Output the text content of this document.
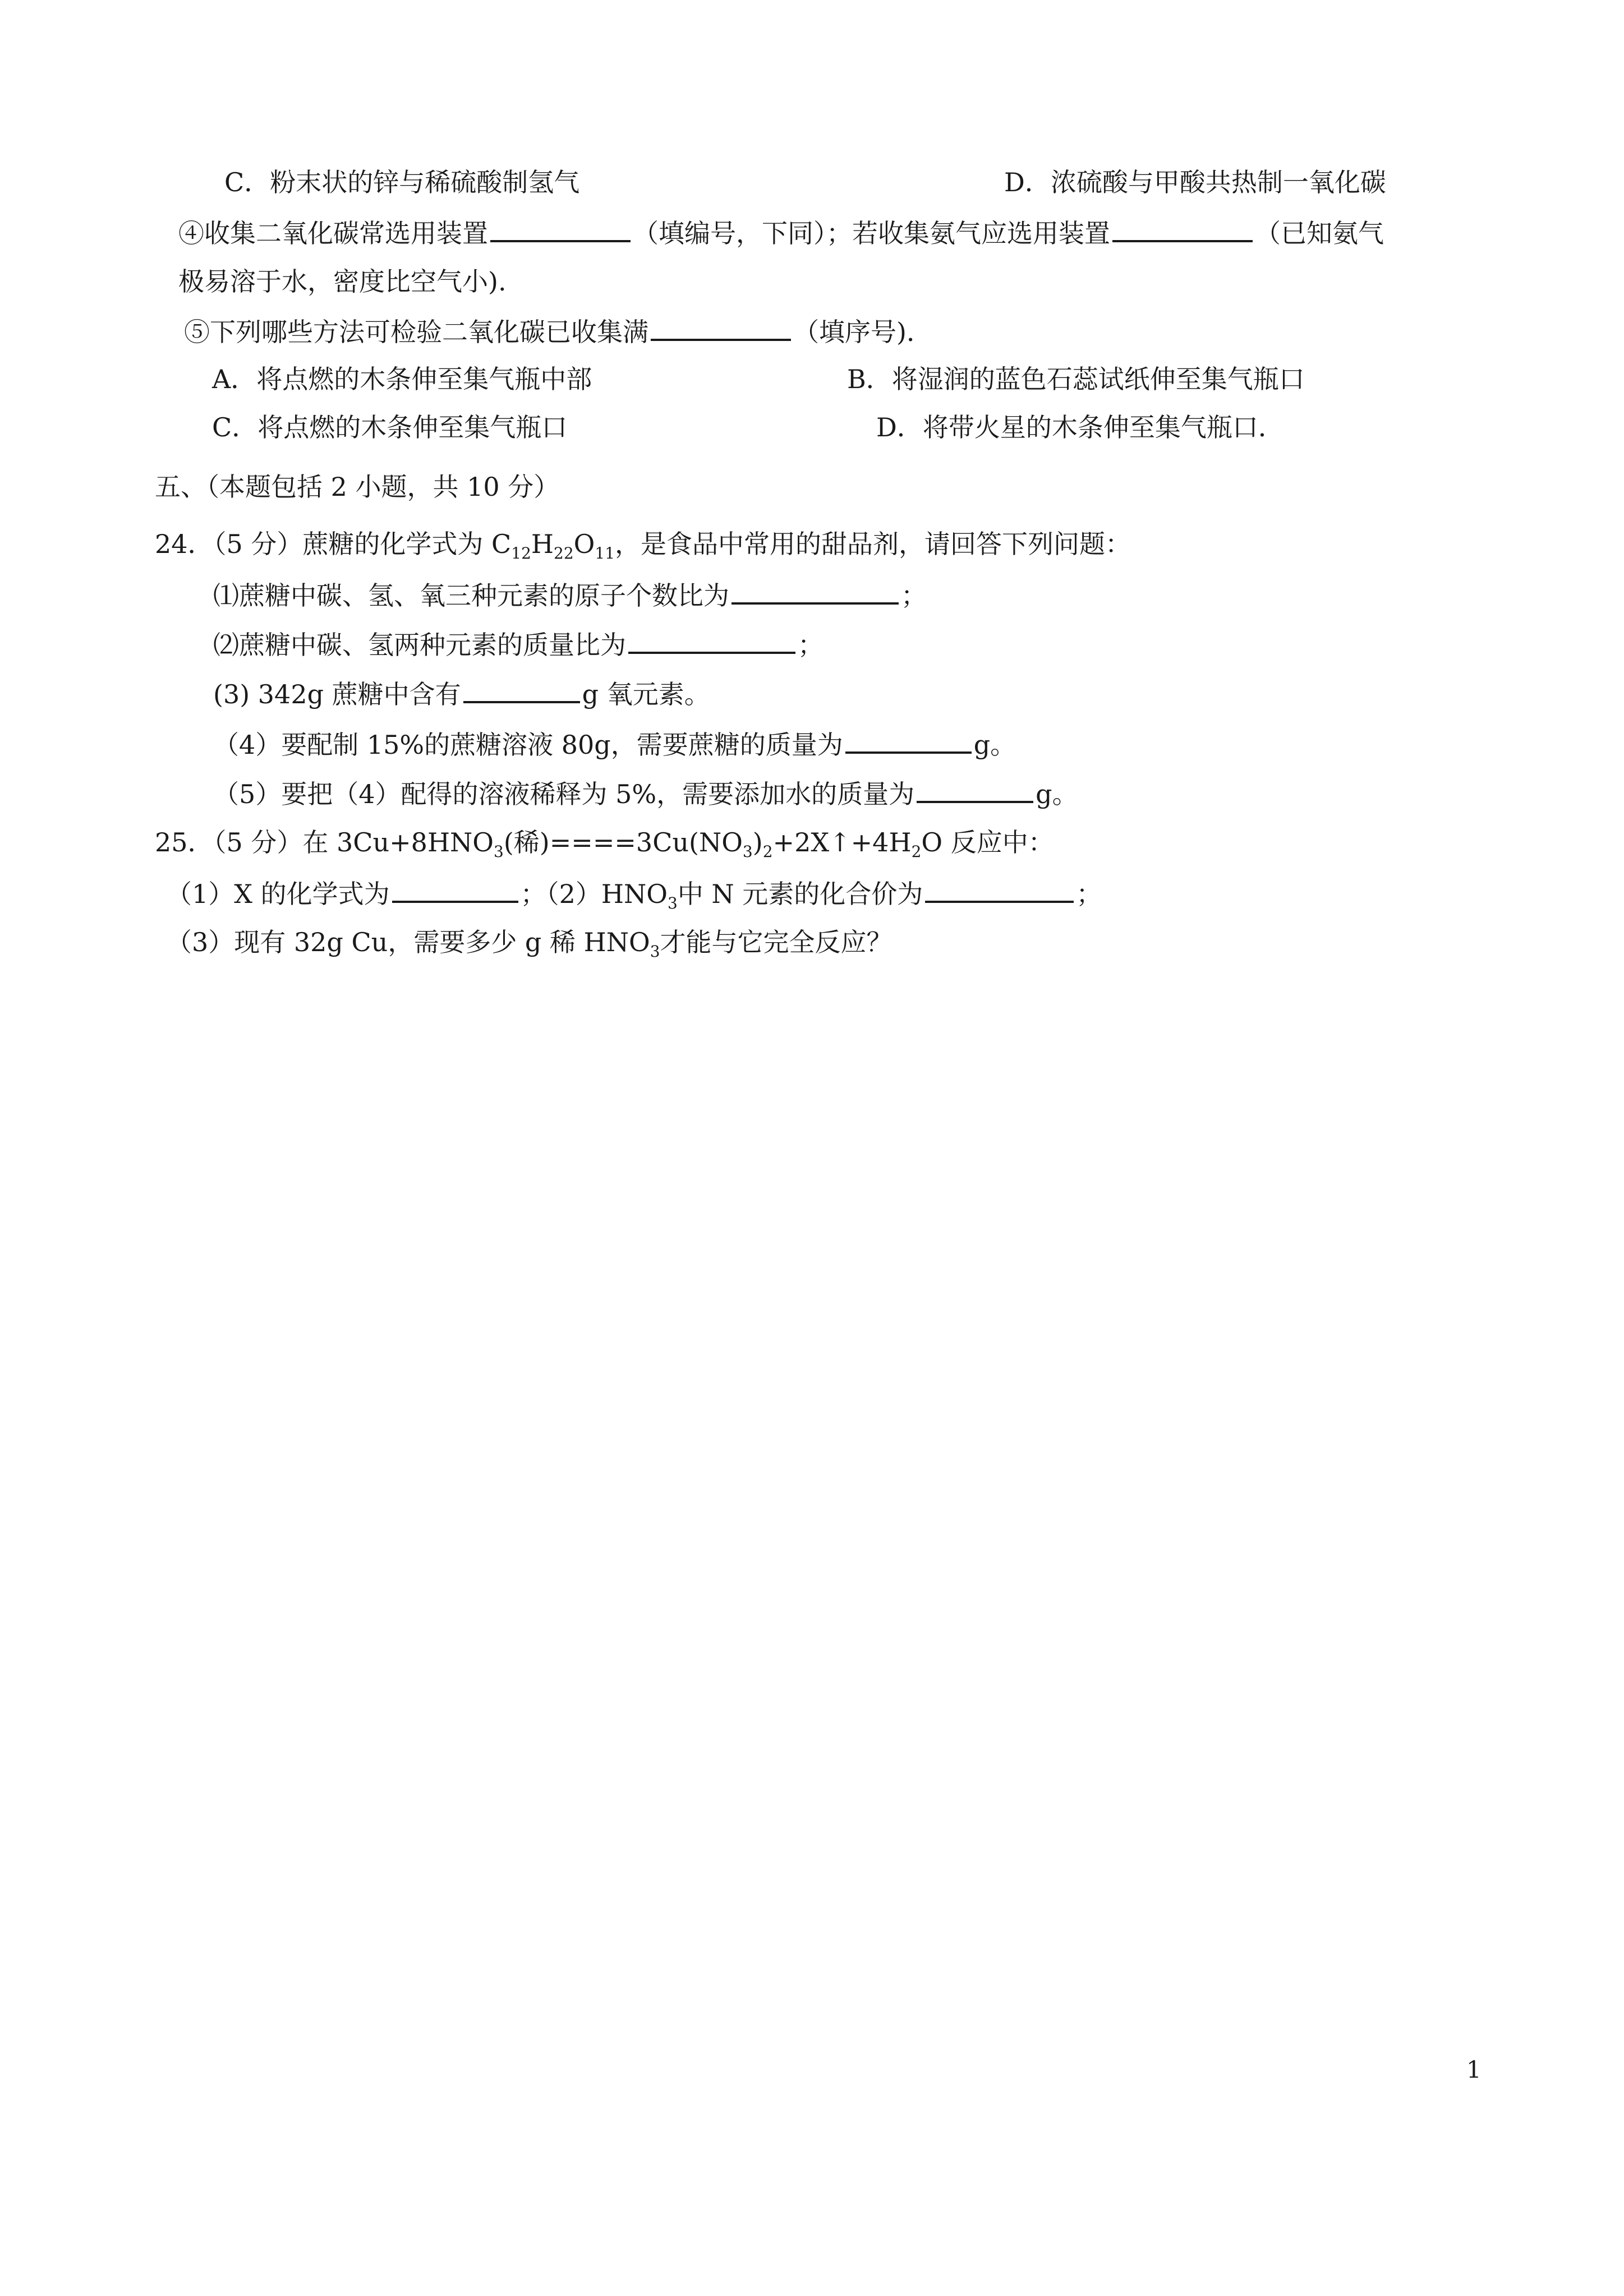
C．粉末状的锌与稀硫酸制氢气	D．浓硫酸与甲酸共热制一氧化碳
④收集二氧化碳常选用装置	（填编号，下同）；若收集氨气应选用装置	（已知氨气
极易溶于水，密度比空气小).
⑤下列哪些方法可检验二氧化碳已收集满	（填序号)．
A．将点燃的木条伸至集气瓶中部	B．将湿润的蓝色石蕊试纸伸至集气瓶口
C．将点燃的木条伸至集气瓶口	D．将带火星的木条伸至集气瓶口．
五、（本题包括 2 小题，共 10 分）
24．（5 分）蔗糖的化学式为 $C_{12}H_{22}O_{11}$，是食品中常用的甜品剂，请回答下列问题：
⑴蔗糖中碳、氢、氧三种元素的原子个数比为	；
⑵蔗糖中碳、氢两种元素的质量比为	；
(3) 342g 蔗糖中含有	g 氧元素。
（4）要配制 15%的蔗糖溶液 80g，需要蔗糖的质量为	g。
（5）要把（4）配得的溶液稀释为 5%，需要添加水的质量为	g。
25．（5 分）在 $3Cu+8HNO_3$(稀)$====3Cu(NO_3)_2+2X↑+4H_2O$ 反应中：
（1）X 的化学式为	；$(2)HNO_3$中 N 元素的化合价为	；
（3）现有 32g Cu，需要多少 g 稀 $HNO_3$才能与它完全反应？
1
